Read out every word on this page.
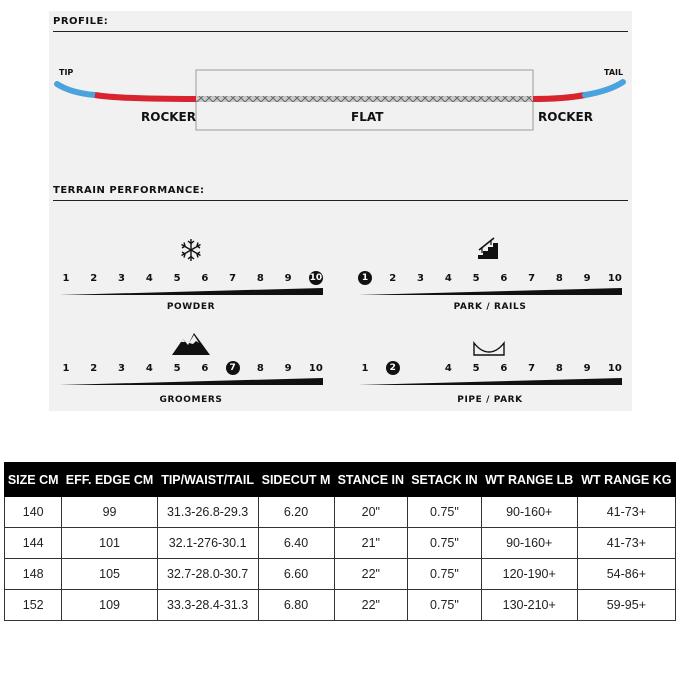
PROFILE:
TIP	TAIL
ROCKER	FLAT	ROCKER
TERRAIN PERFORMANCE:
1	2	3	4	5	6	7	8	9	10
POWDER
1	2	3	4	5	6	7	8	9	10
PARK / RAILS
1	2	3	4	5	6	7	8	9	10
GROOMERS
1	2	4	5	6	7	8	9	10
PIPE / PARK
SIZE CM	EFF. EDGE CM	TIP/WAIST/TAIL	SIDECUT M	STANCE IN	SETACK IN	WT RANGE LB	WT RANGE KG
140	99	31.3-26.8-29.3	6.20	20"	0.75"	90-160+	41-73+
144	101	32.1-276-30.1	6.40	21"	0.75"	90-160+	41-73+
148	105	32.7-28.0-30.7	6.60	22"	0.75"	120-190+	54-86+
152	109	33.3-28.4-31.3	6.80	22"	0.75"	130-210+	59-95+
